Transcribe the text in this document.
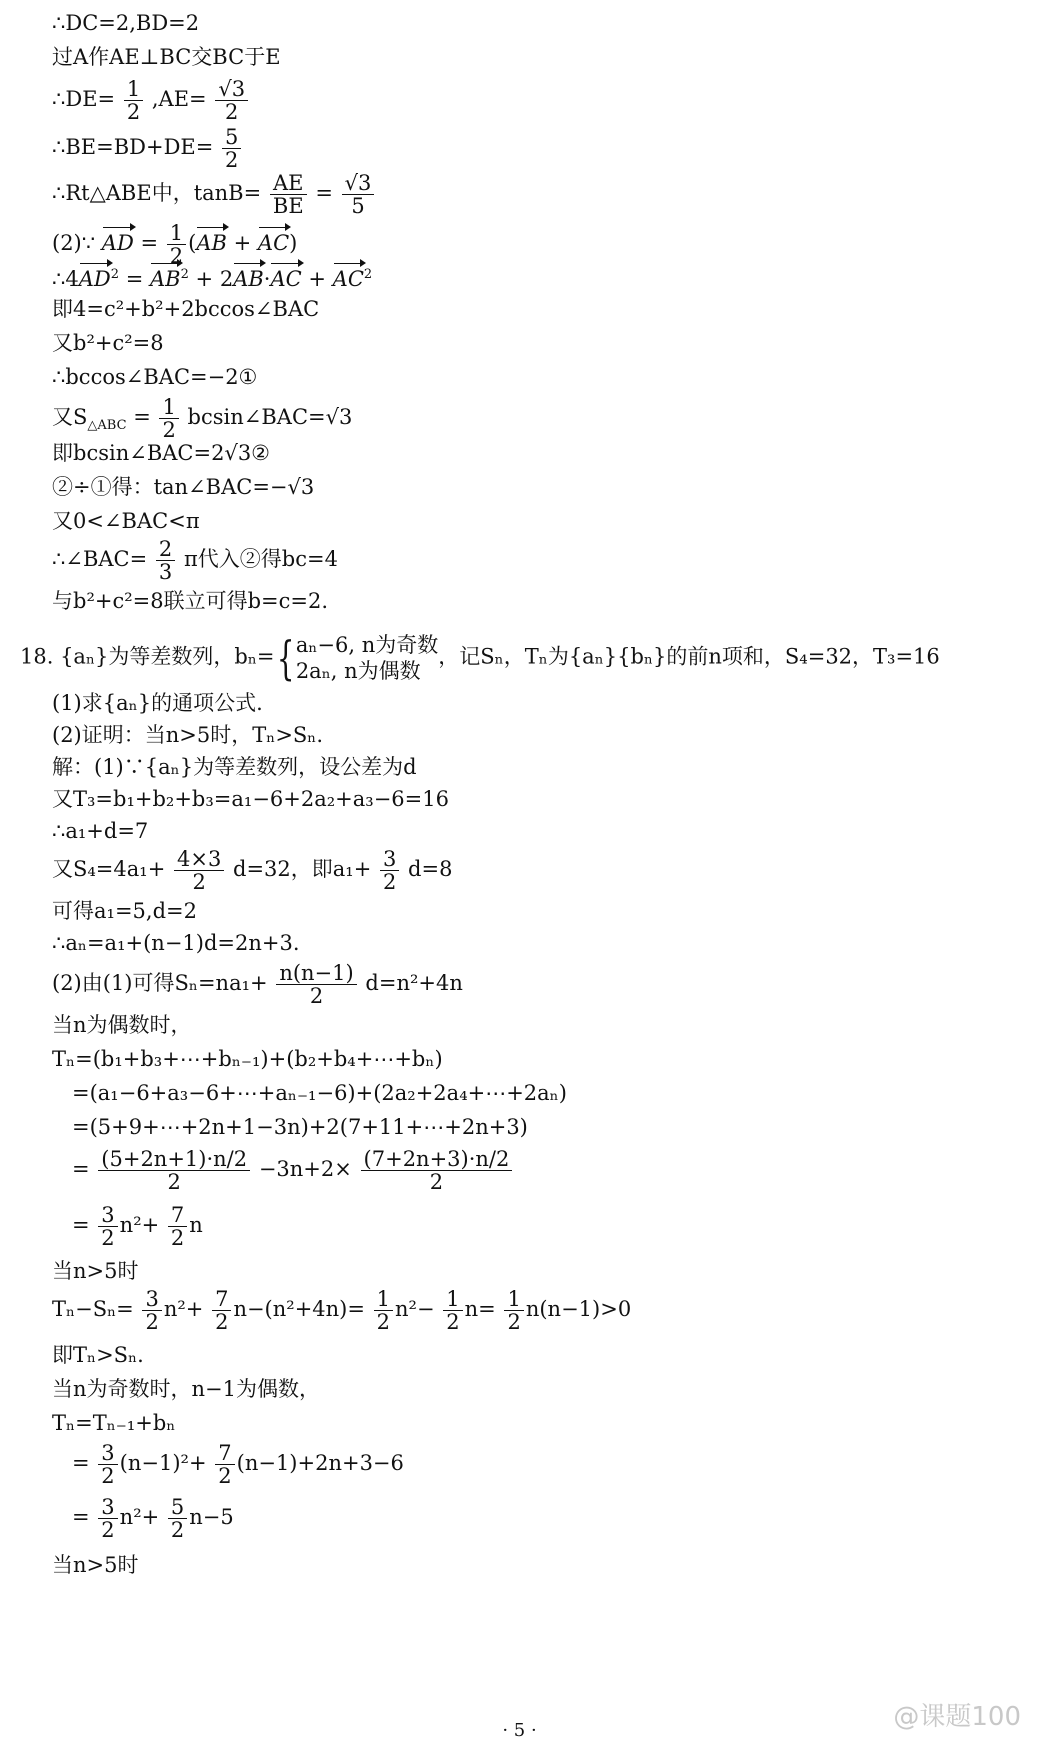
∴DC=2,BD=2
过A作AE⊥BC交BC于E
∴DE= $\frac{1}{2} ,AE= \frac{√3}{2}$
∴BE=BD+DE= $\frac{5}{2}$
∴Rt△ABE中，$\tan B= \frac{AE}{BE} = \frac{√3}{5}$
(2)∵ AD = $\frac{1}{2} (AB + AC)$
$\therefore 4AD^2 = AB^2 + 2AB\cdot AC + AC^2$
即4=c²+b²+2bccos∠BAC
又b²+c²=8
∴bccos∠BAC=−2①
又$S_{\triangle ABC} = \frac{1}{2}$ bcsin∠BAC=√3
即bcsin∠BAC=2√3②
②÷①得：tan∠BAC=−√3
又0<∠BAC<π
∴∠BAC= $\frac{2}{3}$ π代入②得bc=4
与b²+c²=8联立可得b=c=2.
18. {aₙ}为等差数列，bₙ={ aₙ−6, n为奇数
2aₙ, n为偶数
，记Sₙ，Tₙ为{aₙ}{bₙ}的前n项和，S₄=32，T₃=16
(1)求{aₙ}的通项公式.
(2)证明：当n>5时，Tₙ>Sₙ.
解：(1)∵{aₙ}为等差数列，设公差为d
又T₃=b₁+b₂+b₃=a₁−6+2a₂+a₃−6=16
∴a₁+d=7
又$S_4=4a_1+ \frac{4\times 3}{2} d=32$，即$a_1+ \frac{3}{2} d=8$
可得a₁=5,d=2
∴aₙ=a₁+(n−1)d=2n+3.
(2)由(1)可得$S_n=na_1+ \frac{n(n-1)}{2} d=n^2+4n$
当n为偶数时，
Tₙ=(b₁+b₃+⋯+bₙ₋₁)+(b₂+b₄+⋯+bₙ)
=(a₁−6+a₃−6+⋯+aₙ₋₁−6)+(2a₂+2a₄+⋯+2aₙ)
=(5+9+⋯+2n+1−3n)+2(7+11+⋯+2n+3)
= $\frac{(5+2n+1)\cdot n/2}{2} -3n+2\times \frac{(7+2n+3)\cdot n/2}{2}$
= $\frac{3}{2} n^2+ \frac{7}{2}$ n
当n>5时
$T_n-S_n= \frac{3}{2} n^2+ \frac{7}{2} n-(n^2+4n)= \frac{1}{2} n^2- \frac{1}{2} n= \frac{1}{2} n(n-1)>0$
即Tₙ>Sₙ.
当n为奇数时，n−1为偶数，
Tₙ=Tₙ₋₁+bₙ
= $\frac{3}{2} (n-1)^2+ \frac{7}{2} (n-1)+2n+3-6$
= $\frac{3}{2} n^2+ \frac{5}{2} n-5$
当n>5时
@课题100
· 5 ·
